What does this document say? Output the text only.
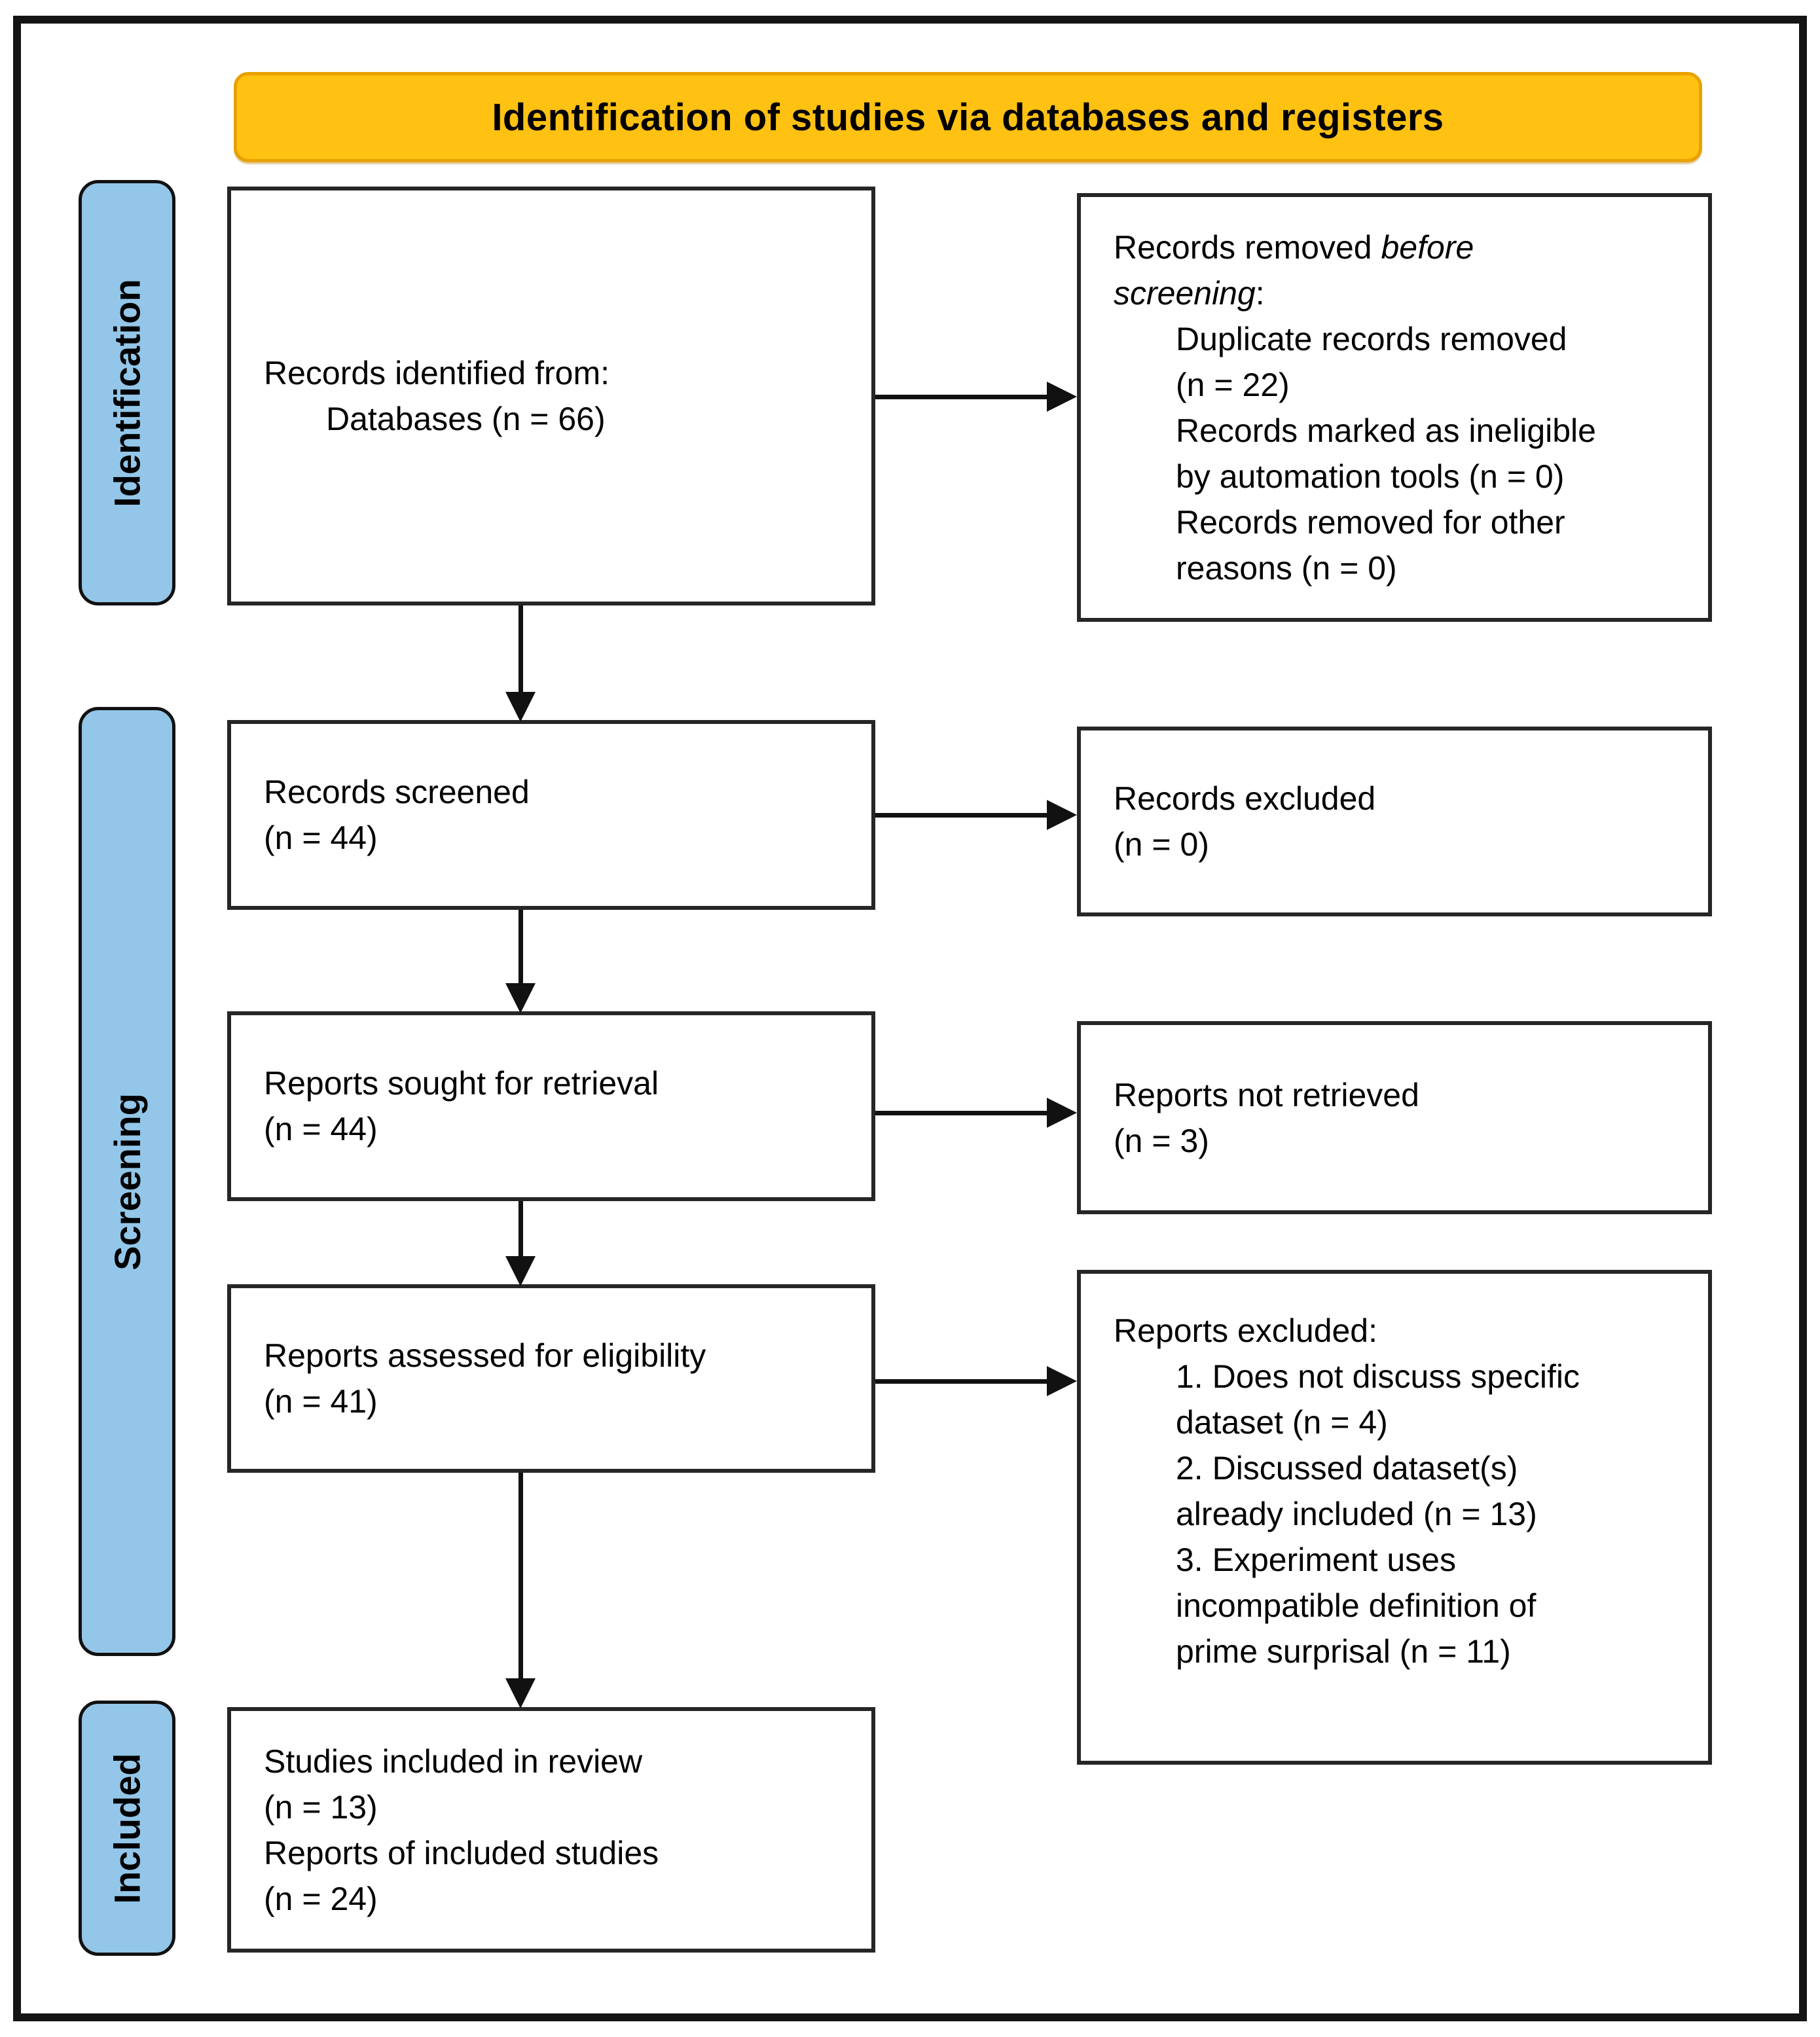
Identification of studies via databases and registers
Identification
Screening
Included
Records identified from:
Databases (n = 66)
Records removed before
screening:
Duplicate records removed
(n = 22)
Records marked as ineligible
by automation tools (n = 0)
Records removed for other
reasons (n = 0)
Records screened
(n = 44)
Records excluded
(n = 0)
Reports sought for retrieval
(n = 44)
Reports not retrieved
(n = 3)
Reports assessed for eligibility
(n = 41)
Reports excluded:
1. Does not discuss specific
dataset (n = 4)
2. Discussed dataset(s)
already included (n = 13)
3. Experiment uses
incompatible definition of
prime surprisal (n = 11)
Studies included in review
(n = 13)
Reports of included studies
(n = 24)
